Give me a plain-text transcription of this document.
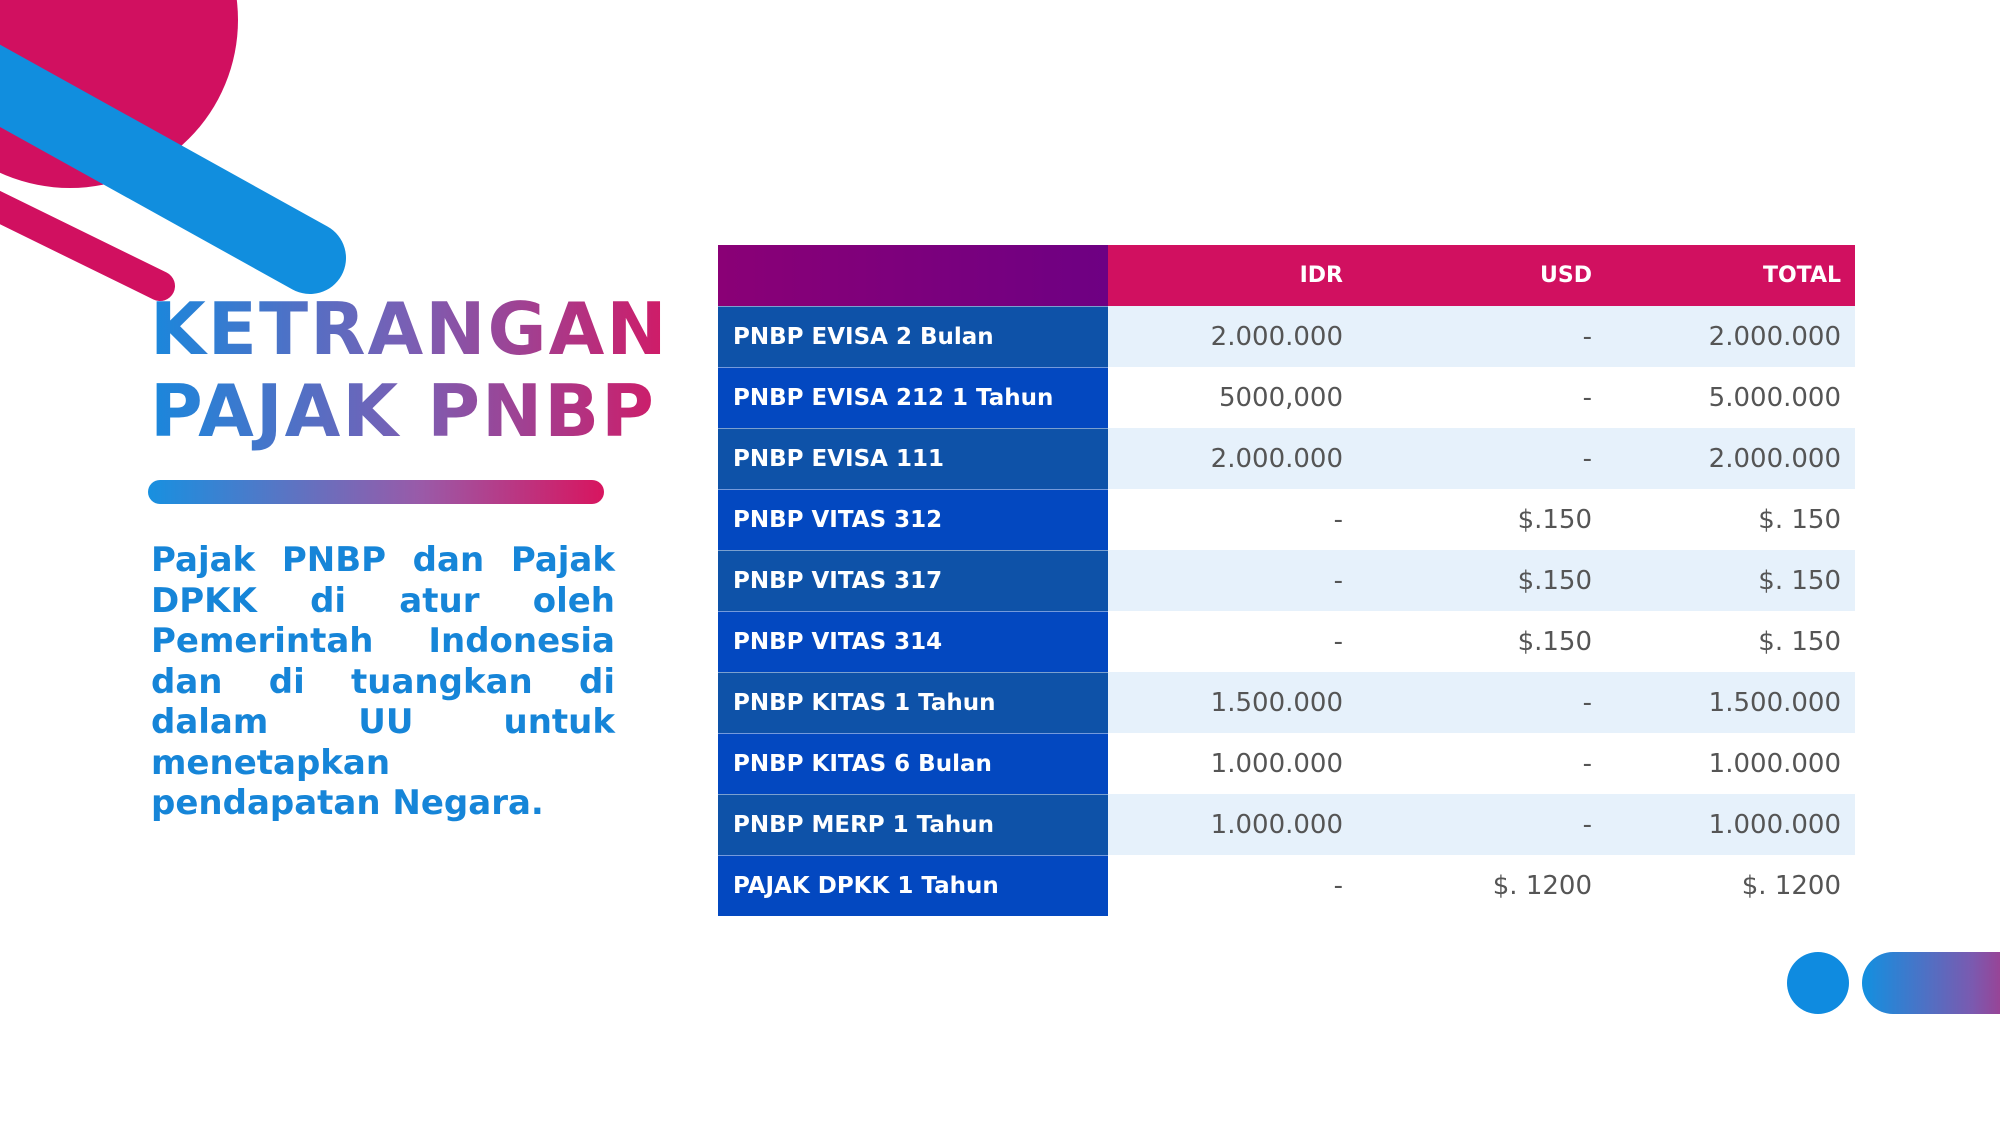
KETRANGAN
PAJAK PNBP

Pajak PNBP dan Pajak DPKK di atur oleh Pemerintah Indonesia dan di tuangkan di dalam UU untuk menetapkan pendapatan Negara.

	IDR	USD	TOTAL
PNBP EVISA 2 Bulan	2.000.000	-	2.000.000
PNBP EVISA 212 1 Tahun	5000,000	-	5.000.000
PNBP EVISA 111	2.000.000	-	2.000.000
PNBP VITAS 312	-	$.150	$. 150
PNBP VITAS 317	-	$.150	$. 150
PNBP VITAS 314	-	$.150	$. 150
PNBP KITAS 1 Tahun	1.500.000	-	1.500.000
PNBP KITAS 6 Bulan	1.000.000	-	1.000.000
PNBP MERP 1 Tahun	1.000.000	-	1.000.000
PAJAK DPKK 1 Tahun	-	$. 1200	$. 1200
